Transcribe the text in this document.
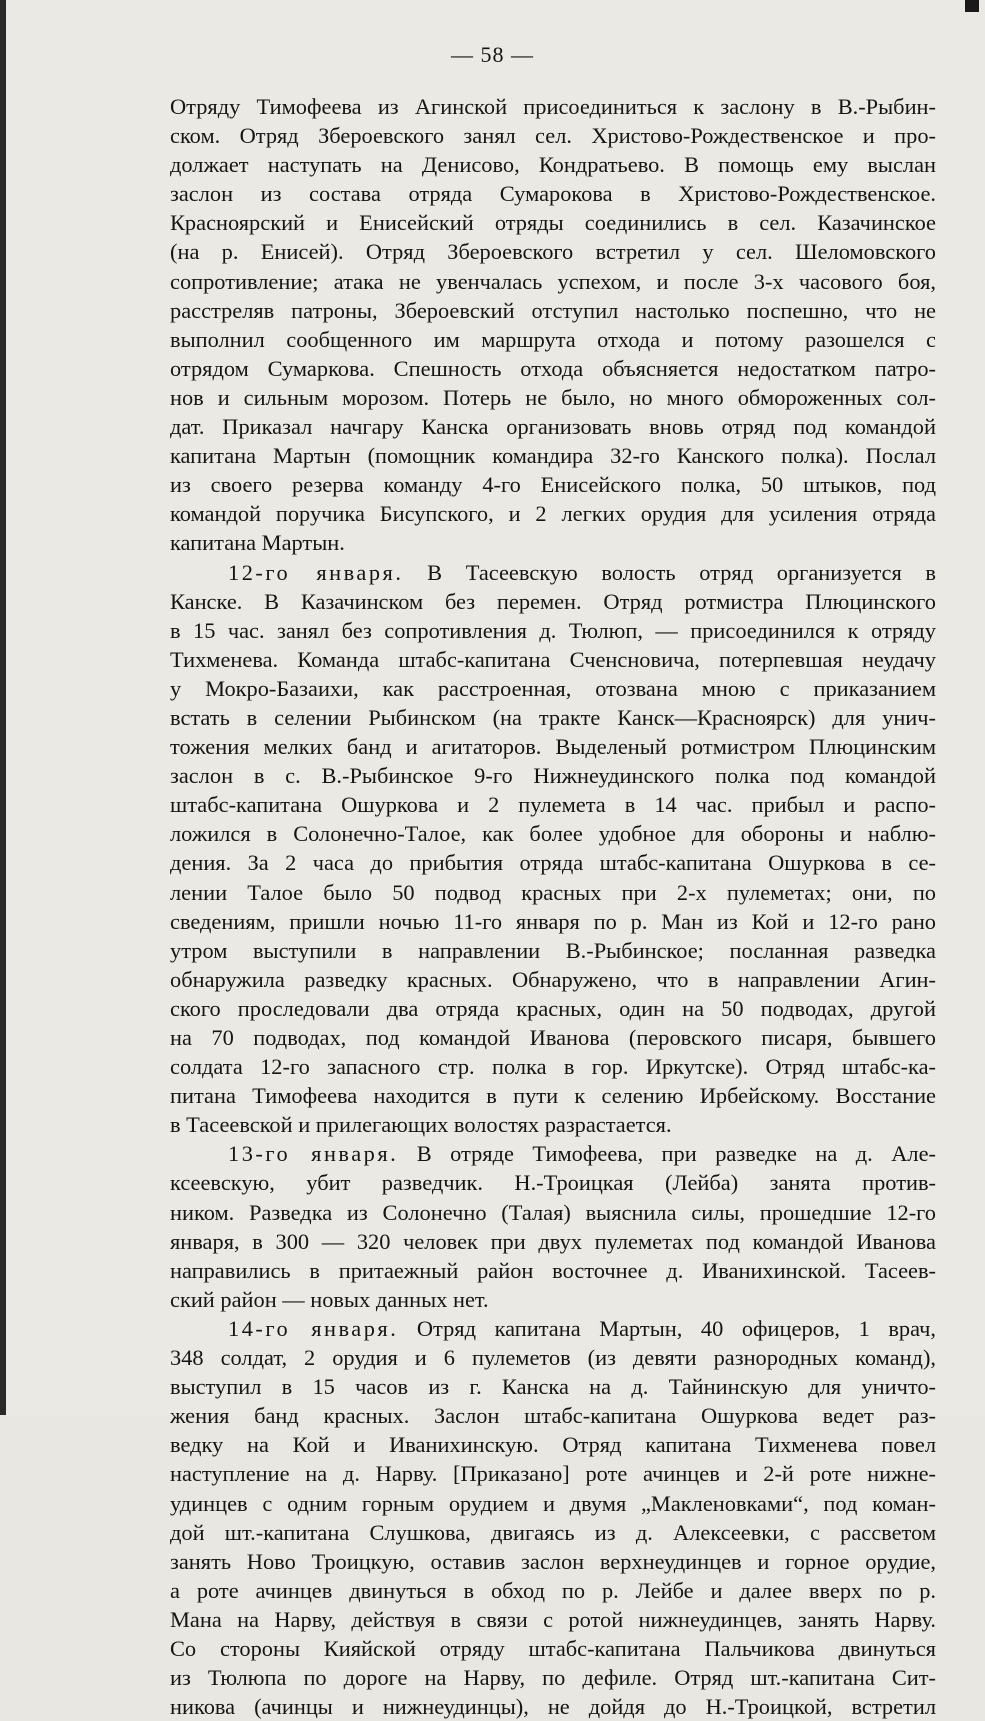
— 58 —
Отряду Тимофеева из Агинской присоединиться к заслону в В.-Рыбин-
ском. Отряд Збероевского занял сел. Христово-Рождественское и про-
должает наступать на Денисово, Кондратьево. В помощь ему выслан
заслон из состава отряда Сумарокова в Христово-Рождественское.
Красноярский и Енисейский отряды соединились в сел. Казачинское
(на р. Енисей). Отряд Збероевского встретил у сел. Шеломовского
сопротивление; атака не увенчалась успехом, и после 3-х часового боя,
расстреляв патроны, Збероевский отступил настолько поспешно, что не
выполнил сообщенного им маршрута отхода и потому разошелся с
отрядом Сумаркова. Спешность отхода объясняется недостатком патро-
нов и сильным морозом. Потерь не было, но много обмороженных сол-
дат. Приказал начгару Канска организовать вновь отряд под командой
капитана Мартын (помощник командира 32-го Канского полка). Послал
из своего резерва команду 4-го Енисейского полка, 50 штыков, под
командой поручика Бисупского, и 2 легких орудия для усиления отряда
капитана Мартын.
12-го января. В Тасеевскую волость отряд организуется в
Канске. В Казачинском без перемен. Отряд ротмистра Плюцинского
в 15 час. занял без сопротивления д. Тюлюп, — присоединился к отряду
Тихменева. Команда штабс-капитана Сченсновича, потерпевшая неудачу
у Мокро-Базаихи, как расстроенная, отозвана мною с приказанием
встать в селении Рыбинском (на тракте Канск—Красноярск) для унич-
тожения мелких банд и агитаторов. Выделеный ротмистром Плюцинским
заслон в с. В.-Рыбинское 9-го Нижнеудинского полка под командой
штабс-капитана Ошуркова и 2 пулемета в 14 час. прибыл и распо-
ложился в Солонечно-Талое, как более удобное для обороны и наблю-
дения. За 2 часа до прибытия отряда штабс-капитана Ошуркова в се-
лении Талое было 50 подвод красных при 2-х пулеметах; они, по
сведениям, пришли ночью 11-го января по р. Ман из Кой и 12-го рано
утром выступили в направлении В.-Рыбинское; посланная разведка
обнаружила разведку красных. Обнаружено, что в направлении Агин-
ского проследовали два отряда красных, один на 50 подводах, другой
на 70 подводах, под командой Иванова (перовского писаря, бывшего
солдата 12-го запасного стр. полка в гор. Иркутске). Отряд штабс-ка-
питана Тимофеева находится в пути к селению Ирбейскому. Восстание
в Тасеевской и прилегающих волостях разрастается.
13-го января. В отряде Тимофеева, при разведке на д. Але-
ксеевскую, убит разведчик. Н.-Троицкая (Лейба) занята против-
ником. Разведка из Солонечно (Талая) выяснила силы, прошедшие 12-го
января, в 300 — 320 человек при двух пулеметах под командой Иванова
направились в притаежный район восточнее д. Иванихинской. Тасеев-
ский район — новых данных нет.
14-го января. Отряд капитана Мартын, 40 офицеров, 1 врач,
348 солдат, 2 орудия и 6 пулеметов (из девяти разнородных команд),
выступил в 15 часов из г. Канска на д. Тайнинскую для уничто-
жения банд красных. Заслон штабс-капитана Ошуркова ведет раз-
ведку на Кой и Иванихинскую. Отряд капитана Тихменева повел
наступление на д. Нарву. [Приказано] роте ачинцев и 2-й роте нижне-
удинцев с одним горным орудием и двумя „Макленовками“, под коман-
дой шт.-капитана Слушкова, двигаясь из д. Алексеевки, с рассветом
занять Ново Троицкую, оставив заслон верхнеудинцев и горное орудие,
а роте ачинцев двинуться в обход по р. Лейбе и далее вверх по р.
Мана на Нарву, действуя в связи с ротой нижнеудинцев, занять Нарву.
Со стороны Кияйской отряду штабс-капитана Пальчикова двинуться
из Тюлюпа по дороге на Нарву, по дефиле. Отряд шт.-капитана Сит-
никова (ачинцы и нижнеудинцы), не дойдя до Н.-Троицкой, встретил
